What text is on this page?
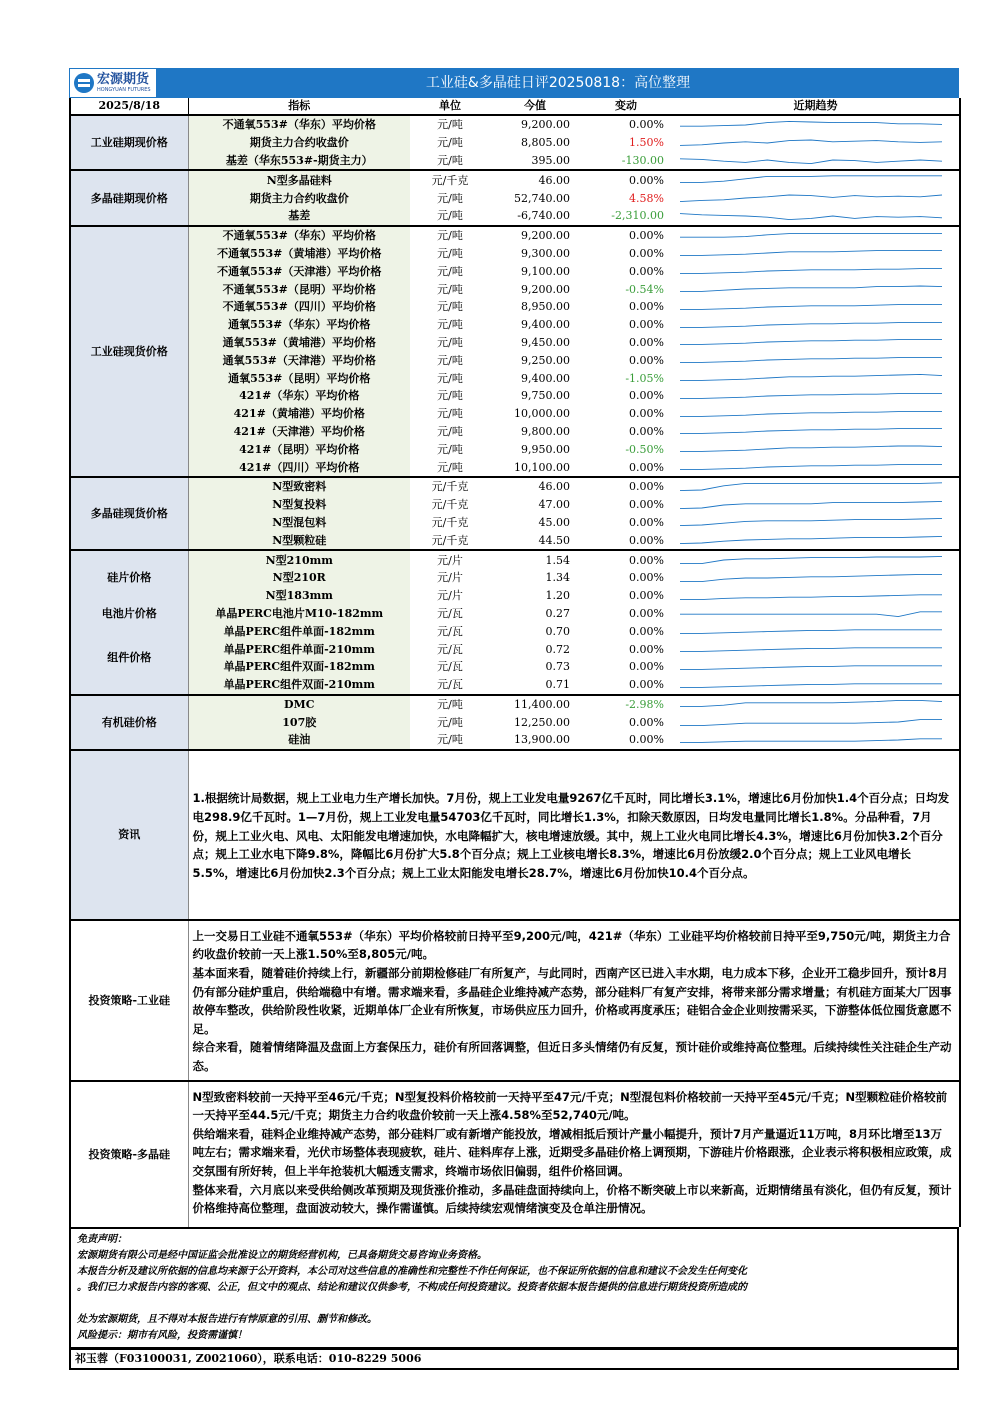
宏源期货
HONGYUAN FUTURES	工业硅&多晶硅日评20250818：高位整理
2025/8/18	指标	单位	今值	变动	近期趋势
工业硅期现价格	不通氧553#（华东）平均价格	元/吨	9,200.00	0.00%	

	期货主力合约收盘价	元/吨	8,805.00	1.50%	

	基差（华东553#-期货主力）	元/吨	395.00	-130.00	

多晶硅期现价格	N型多晶硅料	元/千克	46.00	0.00%	

	期货主力合约收盘价	元/吨	52,740.00	4.58%	

	基差	元/吨	-6,740.00	-2,310.00	

工业硅现货价格	不通氧553#（华东）平均价格	元/吨	9,200.00	0.00%	

	不通氧553#（黄埔港）平均价格	元/吨	9,300.00	0.00%	

	不通氧553#（天津港）平均价格	元/吨	9,100.00	0.00%	

	不通氧553#（昆明）平均价格	元/吨	9,200.00	-0.54%	

	不通氧553#（四川）平均价格	元/吨	8,950.00	0.00%	

	通氧553#（华东）平均价格	元/吨	9,400.00	0.00%	

	通氧553#（黄埔港）平均价格	元/吨	9,450.00	0.00%	

	通氧553#（天津港）平均价格	元/吨	9,250.00	0.00%	

	通氧553#（昆明）平均价格	元/吨	9,400.00	-1.05%	

	421#（华东）平均价格	元/吨	9,750.00	0.00%	

	421#（黄埔港）平均价格	元/吨	10,000.00	0.00%	

	421#（天津港）平均价格	元/吨	9,800.00	0.00%	

	421#（昆明）平均价格	元/吨	9,950.00	-0.50%	

	421#（四川）平均价格	元/吨	10,100.00	0.00%	

多晶硅现货价格	N型致密料	元/千克	46.00	0.00%	

	N型复投料	元/千克	47.00	0.00%	

	N型混包料	元/千克	45.00	0.00%	

	N型颗粒硅	元/千克	44.50	0.00%	

硅片价格	N型210mm	元/片	1.54	0.00%	

	N型210R	元/片	1.34	0.00%	

	N型183mm	元/片	1.20	0.00%	

电池片价格	单晶PERC电池片M10-182mm	元/瓦	0.27	0.00%	

组件价格	单晶PERC组件单面-182mm	元/瓦	0.70	0.00%	

	单晶PERC组件单面-210mm	元/瓦	0.72	0.00%	

	单晶PERC组件双面-182mm	元/瓦	0.73	0.00%	

	单晶PERC组件双面-210mm	元/瓦	0.71	0.00%	

有机硅价格	DMC	元/吨	11,400.00	-2.98%	

	107胶	元/吨	12,250.00	0.00%	

	硅油	元/吨	13,900.00	0.00%	
资讯	1.根据统计局数据，规上工业电力生产增长加快。7月份，规上工业发电量9267亿千瓦时，同比增长3.1%，增速比6月份加快1.4个百分点；日均发电298.9亿千瓦时。1—7月份，规上工业发电量54703亿千瓦时，同比增长1.3%，扣除天数原因，日均发电量同比增长1.8%。分品种看，7月份，规上工业火电、风电、太阳能发电增速加快，水电降幅扩大，核电增速放缓。其中，规上工业火电同比增长4.3%，增速比6月份加快3.2个百分点；规上工业水电下降9.8%，降幅比6月份扩大5.8个百分点；规上工业核电增长8.3%，增速比6月份放缓2.0个百分点；规上工业风电增长5.5%，增速比6月份加快2.3个百分点；规上工业太阳能发电增长28.7%，增速比6月份加快10.4个百分点。

投资策略-工业硅	上一交易日工业硅不通氧553#（华东）平均价格较前日持平至9,200元/吨，421#（华东）工业硅平均价格较前日持平至9,750元/吨，期货主力合约收盘价较前一天上涨1.50%至8,805元/吨。

基本面来看，随着硅价持续上行，新疆部分前期检修硅厂有所复产，与此同时，西南产区已进入丰水期，电力成本下移，企业开工稳步回升，预计8月仍有部分硅炉重启，供给端稳中有增。需求端来看，多晶硅企业维持减产态势，部分硅料厂有复产安排，将带来部分需求增量；有机硅方面某大厂因事故停车整改，供给阶段性收紧，近期单体厂企业有所恢复，市场供应压力回升，价格或再度承压；硅铝合金企业则按需采买，下游整体低位囤货意愿不足。

综合来看，随着情绪降温及盘面上方套保压力，硅价有所回落调整，但近日多头情绪仍有反复，预计硅价或维持高位整理。后续持续性关注硅企生产动态。

投资策略-多晶硅	N型致密料较前一天持平至46元/千克；N型复投料价格较前一天持平至47元/千克；N型混包料价格较前一天持平至45元/千克；N型颗粒硅价格较前一天持平至44.5元/千克；期货主力合约收盘价较前一天上涨4.58%至52,740元/吨。

供给端来看，硅料企业维持减产态势，部分硅料厂或有新增产能投放，增减相抵后预计产量小幅提升，预计7月产量逼近11万吨，8月环比增至13万吨左右；需求端来看，光伏市场整体表现疲软，硅片、硅料库存上涨，近期受多晶硅价格上调预期，下游硅片价格跟涨，企业表示将积极相应政策，成交氛围有所好转，但上半年抢装机大幅透支需求，终端市场依旧偏弱，组件价格回调。

整体来看，六月底以来受供给侧改革预期及现货涨价推动，多晶硅盘面持续向上，价格不断突破上市以来新高，近期情绪虽有淡化，但仍有反复，预计价格维持高位整理，盘面波动较大，操作需谨慎。后续持续宏观情绪演变及仓单注册情况。

免责声明：

宏源期货有限公司是经中国证监会批准设立的期货经营机构，已具备期货交易咨询业务资格。

本报告分析及建议所依据的信息均来源于公开资料，本公司对这些信息的准确性和完整性不作任何保证，也不保证所依据的信息和建议不会发生任何变化

。我们已力求报告内容的客观、公正，但文中的观点、结论和建议仅供参考，不构成任何投资建议。投资者依据本报告提供的信息进行期货投资所造成的

处为宏源期货，且不得对本报告进行有悖原意的引用、删节和修改。

风险提示：期市有风险，投资需谨慎！

祁玉蓉（F03100031, Z0021060），联系电话：010-8229 5006
